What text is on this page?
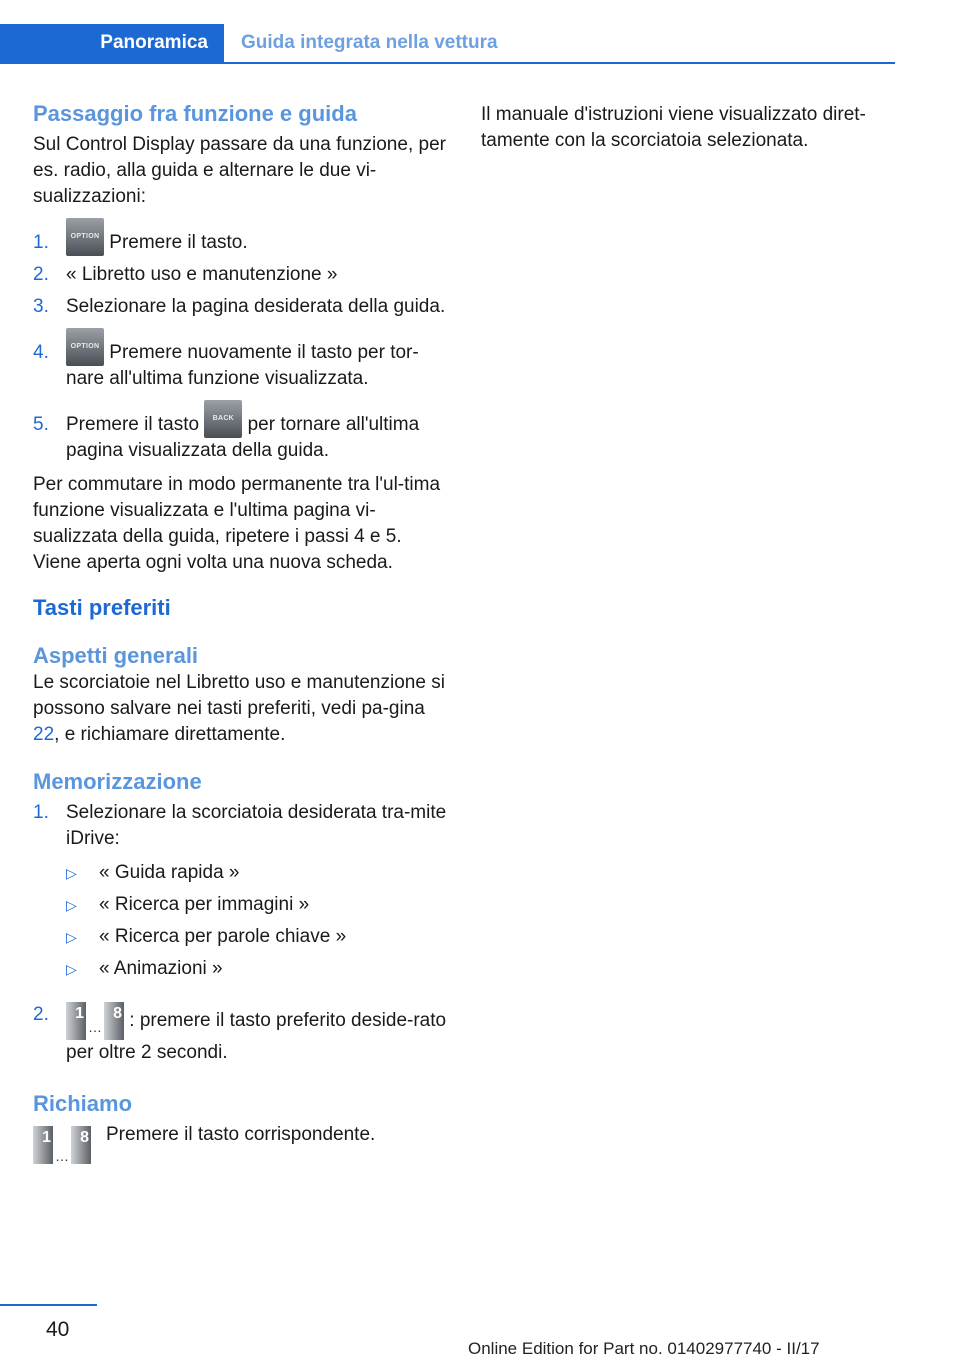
Panoramica	Guida integrata nella vettura
Passaggio fra funzione e guida

Sul Control Display passare da una funzione, per es. radio, alla guida e alternare le due vi-sualizzazioni:

1.	OPTION Premere il tasto.
2. « Libretto uso e manutenzione »
3. Selezionare la pagina desiderata della guida.
4.	OPTION Premere nuovamente il tasto per tor-nare all'ultima funzione visualizzata.
5. Premere il tasto BACK per tornare all'ultima pagina visualizzata della guida.

Per commutare in modo permanente tra l'ul-tima funzione visualizzata e l'ultima pagina vi-sualizzata della guida, ripetere i passi 4 e 5. Viene aperta ogni volta una nuova scheda.

Tasti preferiti
Aspetti generali

Le scorciatoie nel Libretto uso e manutenzione si possono salvare nei tasti preferiti, vedi pa-gina 22, e richiamare direttamente.

Memorizzazione
1. Selezionare la scorciatoia desiderata tra-mite iDrive:
▷ « Guida rapida »
▷ « Ricerca per immagini »
▷ « Ricerca per parole chiave »
▷ « Animazioni »
2. 1…8 : premere il tasto preferito deside-rato per oltre 2 secondi.
Richiamo
1…8 Premere il tasto corrispondente.

Il manuale d'istruzioni viene visualizzato diret-tamente con la scorciatoia selezionata.

40
Online Edition for Part no. 01402977740 - II/17
